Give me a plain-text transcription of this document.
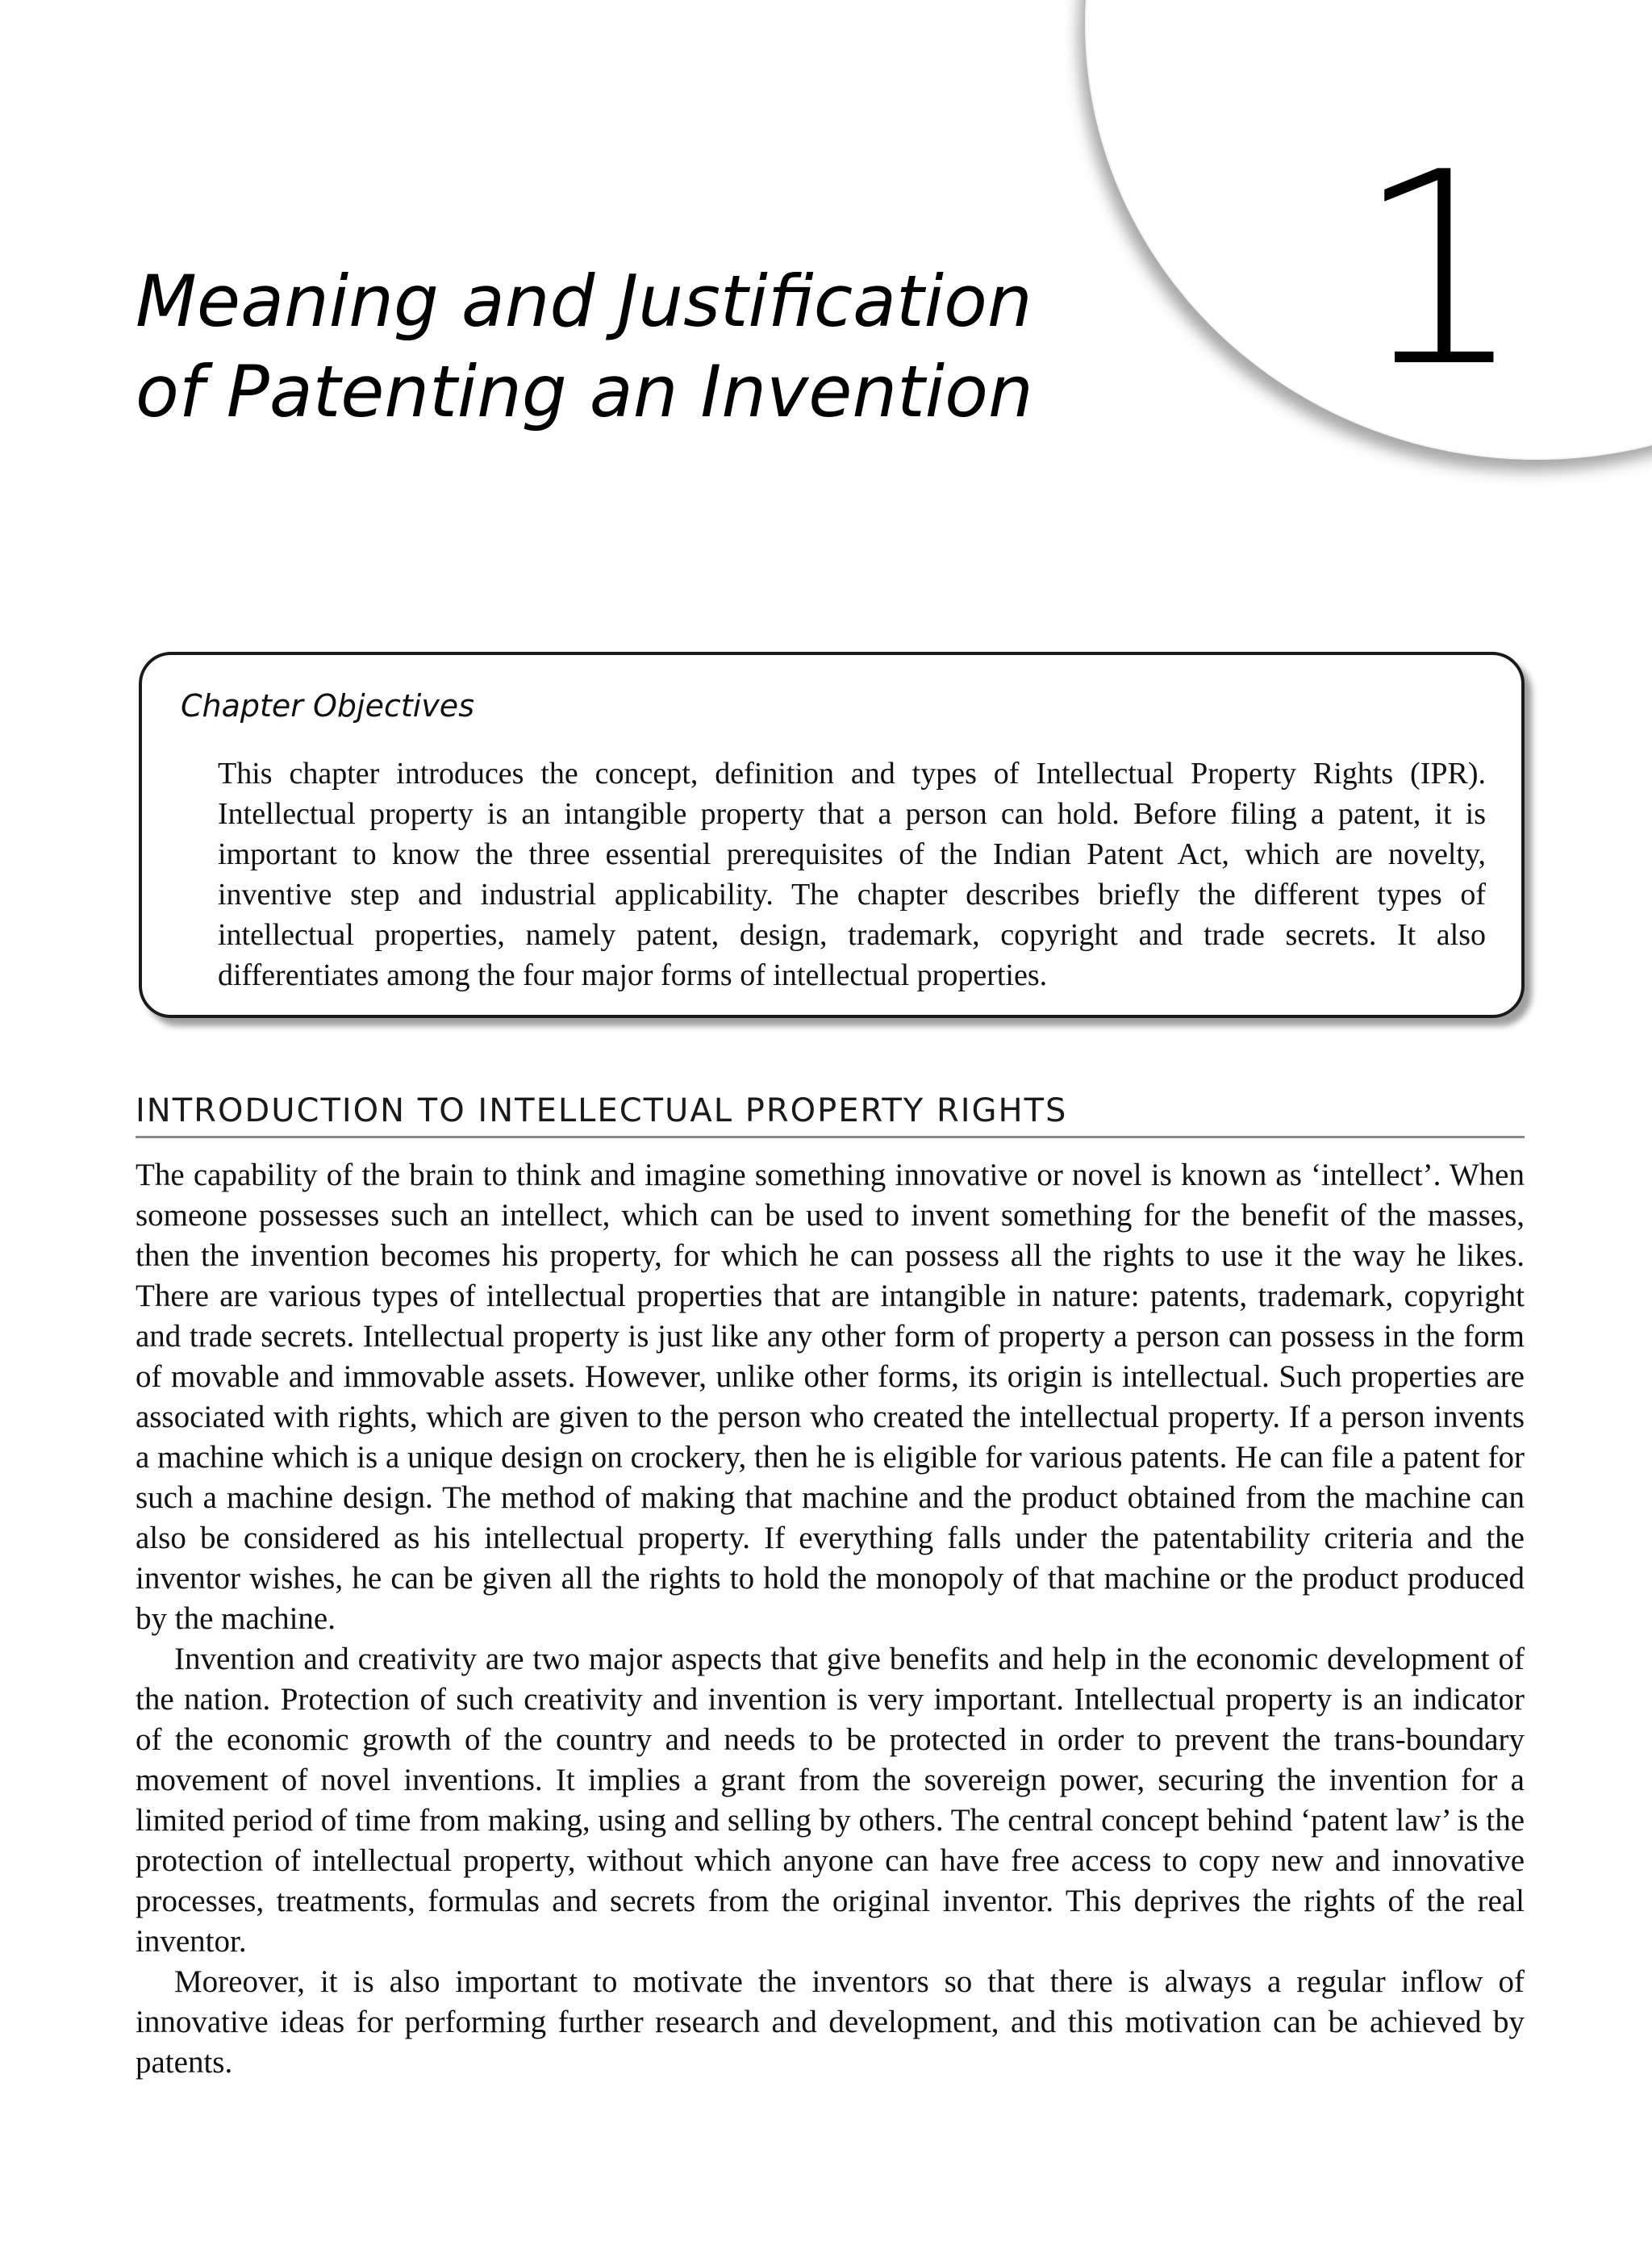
1
Meaning and Justification
of Patenting an Invention
Chapter Objectives

This chapter introduces the concept, definition and types of Intellectual Property Rights (IPR). Intellectual property is an intangible property that a person can hold. Before filing a patent, it is important to know the three essential prerequisites of the Indian Patent Act, which are novelty, inventive step and industrial applicability. The chapter describes briefly the different types of intellectual properties, namely patent, design, trademark, copyright and trade secrets. It also differentiates among the four major forms of intellectual properties.

INTRODUCTION TO INTELLECTUAL PROPERTY RIGHTS

The capability of the brain to think and imagine something innovative or novel is known as ‘intellect’. When someone possesses such an intellect, which can be used to invent something for the benefit of the masses, then the invention becomes his property, for which he can possess all the rights to use it the way he likes. There are various types of intellectual properties that are intangible in nature: patents, trademark, copyright and trade secrets. Intellectual property is just like any other form of property a person can possess in the form of movable and immovable assets. However, unlike other forms, its origin is intellectual. Such properties are associated with rights, which are given to the person who created the intellectual property. If a person invents a machine which is a unique design on crockery, then he is eligible for various patents. He can file a patent for such a machine design. The method of making that machine and the product obtained from the machine can also be considered as his intellectual property. If everything falls under the patentability criteria and the inventor wishes, he can be given all the rights to hold the monopoly of that machine or the product produced by the machine.

Invention and creativity are two major aspects that give benefits and help in the economic development of the nation. Protection of such creativity and invention is very important. Intellectual property is an indicator of the economic growth of the country and needs to be protected in order to prevent the trans-boundary movement of novel inventions. It implies a grant from the sovereign power, securing the invention for a limited period of time from making, using and selling by others. The central concept behind ‘patent law’ is the protection of intellectual property, without which anyone can have free access to copy new and innovative processes, treatments, formulas and secrets from the original inventor. This deprives the rights of the real inventor.

Moreover, it is also important to motivate the inventors so that there is always a regular inflow of innovative ideas for performing further research and development, and this motivation can be achieved by patents.
